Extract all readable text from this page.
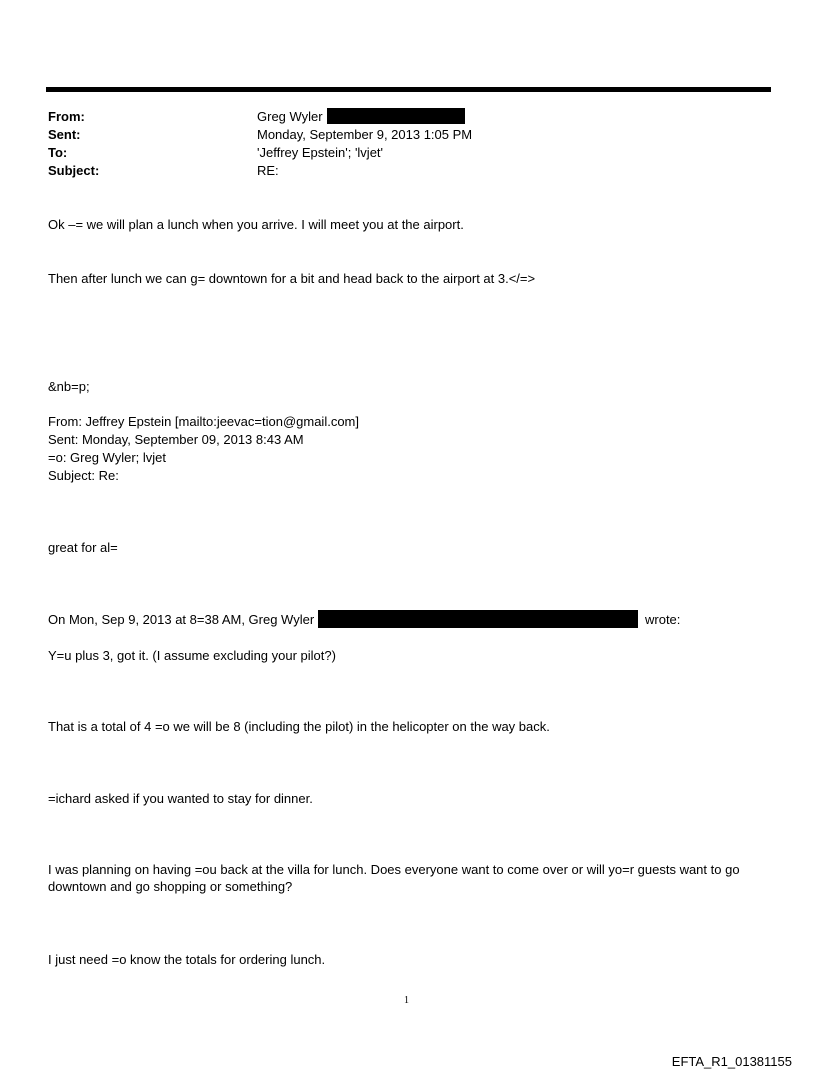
From:	Greg Wyler
Sent:	Monday, September 9, 2013 1:05 PM
To:	'Jeffrey Epstein'; 'lvjet'
Subject:	RE:
Ok –= we will plan a lunch when you arrive. I will meet you at the airport.
Then after lunch we can g= downtown for a bit and head back to the airport at 3.</=>
&nb=p;
From: Jeffrey Epstein [mailto:jeevac=tion@gmail.com]
Sent: Monday, September 09, 2013 8:43 AM
=o: Greg Wyler; lvjet
Subject: Re:
great for al=
On Mon, Sep 9, 2013 at 8=38 AM, Greg Wyler	wrote:
Y=u plus 3, got it. (I assume excluding your pilot?)
That is a total of 4 =o we will be 8 (including the pilot) in the helicopter on the way back.
=ichard asked if you wanted to stay for dinner.
I was planning on having =ou back at the villa for lunch. Does everyone want to come over or will yo=r guests want to go downtown and go shopping or something?
I just need =o know the totals for ordering lunch.
1
EFTA_R1_01381155
